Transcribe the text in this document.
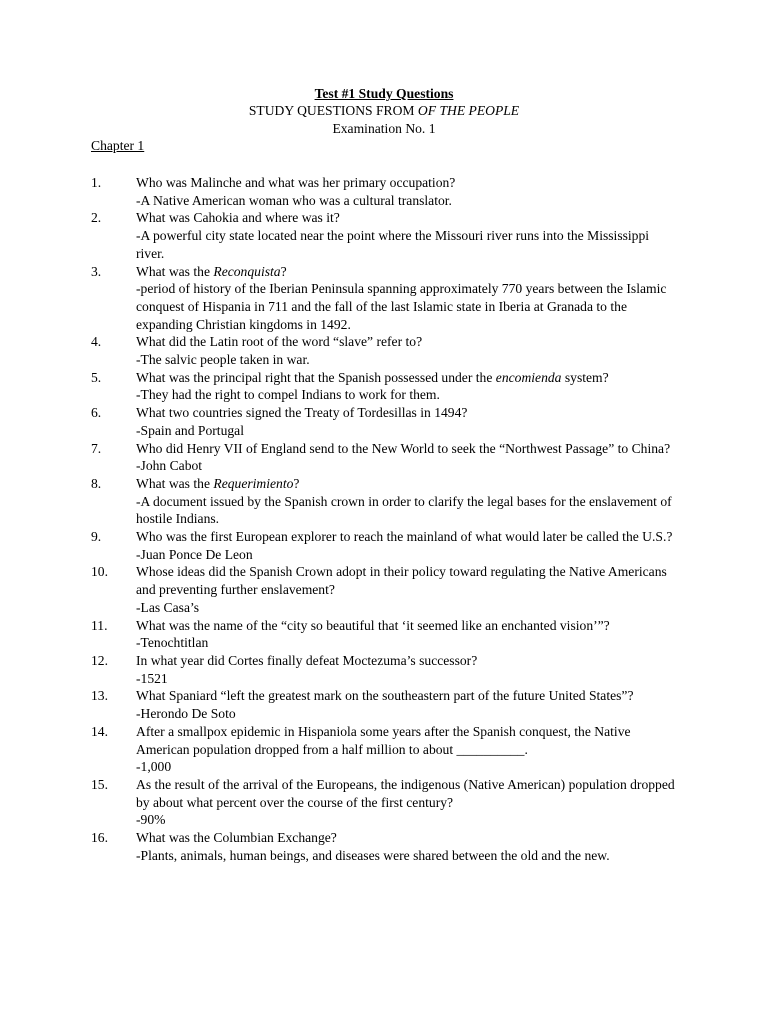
Test #1 Study Questions
STUDY QUESTIONS FROM OF THE PEOPLE
Examination No. 1
Chapter 1
1.	Who was Malinche and what was her primary occupation?
-A Native American woman who was a cultural translator.
2.	What was Cahokia and where was it?
-A powerful city state located near the point where the Missouri river runs into the Mississippi river.
3.	What was the Reconquista?
-period of history of the Iberian Peninsula spanning approximately 770 years between the Islamic conquest of Hispania in 711 and the fall of the last Islamic state in Iberia at Granada to the expanding Christian kingdoms in 1492.
4.	What did the Latin root of the word “slave” refer to?
-The salvic people taken in war.
5.	What was the principal right that the Spanish possessed under the encomienda system?
-They had the right to compel Indians to work for them.
6.	What two countries signed the Treaty of Tordesillas in 1494?
-Spain and Portugal
7.	Who did Henry VII of England send to the New World to seek the “Northwest Passage” to China?
-John Cabot
8.	What was the Requerimiento?
-A document issued by the Spanish crown in order to clarify the legal bases for the enslavement of hostile Indians.
9.	Who was the first European explorer to reach the mainland of what would later be called the U.S.?
-Juan Ponce De Leon
10. Whose ideas did the Spanish Crown adopt in their policy toward regulating the Native Americans and preventing further enslavement?
-Las Casa’s
11. What was the name of the “city so beautiful that ‘it seemed like an enchanted vision’”?
-Tenochtitlan
12. In what year did Cortes finally defeat Moctezuma’s successor?
-1521
13. What Spaniard “left the greatest mark on the southeastern part of the future United States”?
-Herondo De Soto
14. After a smallpox epidemic in Hispaniola some years after the Spanish conquest, the Native American population dropped from a half million to about __________.
-1,000
15. As the result of the arrival of the Europeans, the indigenous (Native American) population dropped by about what percent over the course of the first century?
-90%
16. What was the Columbian Exchange?
-Plants, animals, human beings, and diseases were shared between the old and the new.
